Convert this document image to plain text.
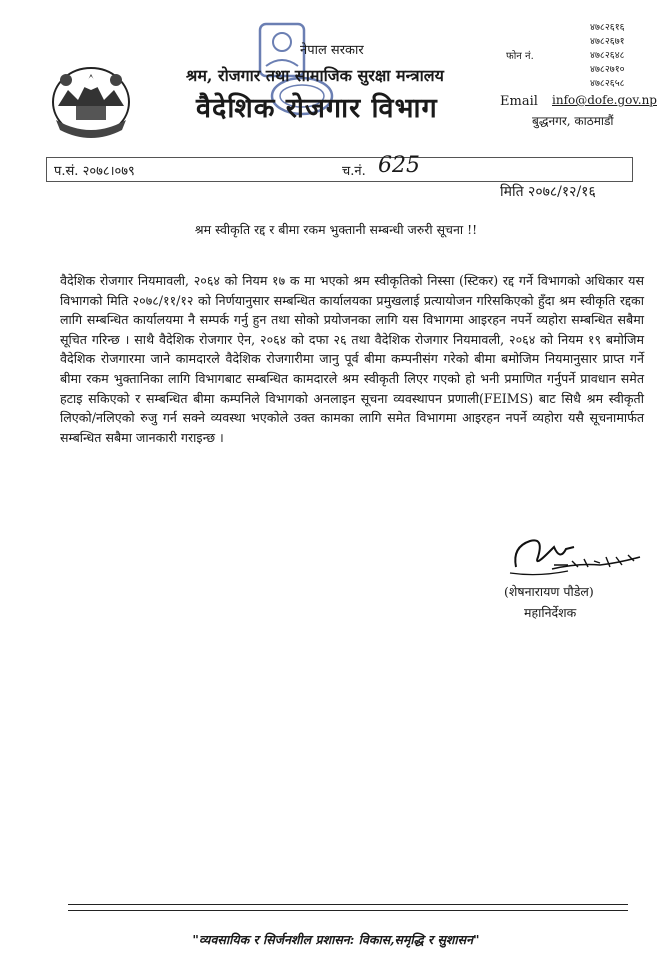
नेपाल सरकार
श्रम, रोजगार तथा सामाजिक सुरक्षा मन्त्रालय
वैदेशिक रोजगार विभाग
फोन नं.
४७८२६१६
४७८२६७१
४७८२६४८
४७८२७१०
४७८२६५८
Email info@dofe.gov.np
बुद्धनगर, काठमाडौं
प.सं. २०७८।०७९	च.नं. 625
मिति २०७८/१२/१६
श्रम स्वीकृति रद्द र बीमा रकम भुक्तानी सम्बन्धी जरुरी सूचना !!
वैदेशिक रोजगार नियमावली, २०६४ को नियम १७ क मा भएको श्रम स्वीकृतिको निस्सा (स्टिकर) रद्द गर्ने विभागको अधिकार यस विभागको मिति २०७८/११/१२ को निर्णयानुसार सम्बन्धित कार्यालयका प्रमुखलाई प्रत्यायोजन गरिसकिएको हुँदा श्रम स्वीकृति रद्दका लागि सम्बन्धित कार्यालयमा नै सम्पर्क गर्नु हुन तथा सोको प्रयोजनका लागि यस विभागमा आइरहन नपर्ने व्यहोरा सम्बन्धित सबैमा सूचित गरिन्छ । साथै वैदेशिक रोजगार ऐन, २०६४ को दफा २६ तथा वैदेशिक रोजगार नियमावली, २०६४ को नियम १९ बमोजिम वैदेशिक रोजगारमा जाने कामदारले वैदेशिक रोजगारीमा जानु पूर्व बीमा कम्पनीसंग गरेको बीमा बमोजिम नियमानुसार प्राप्त गर्ने बीमा रकम भुक्तानिका लागि विभागबाट सम्बन्धित कामदारले श्रम स्वीकृती लिएर गएको हो भनी प्रमाणित गर्नुपर्ने प्रावधान समेत हटाइ सकिएको र सम्बन्धित बीमा कम्पनिले विभागको अनलाइन सूचना व्यवस्थापन प्रणाली(FEIMS) बाट सिधै श्रम स्वीकृती लिएको/नलिएको रुजु गर्न सक्ने व्यवस्था भएकोले उक्त कामका लागि समेत विभागमा आइरहन नपर्ने व्यहोरा यसै सूचनामार्फत सम्बन्धित सबैमा जानकारी गराइन्छ ।
(शेषनारायण पौडेल)
महानिर्देशक
"व्यवसायिक र सिर्जनशील प्रशासन: विकास,समृद्धि र सुशासन"
